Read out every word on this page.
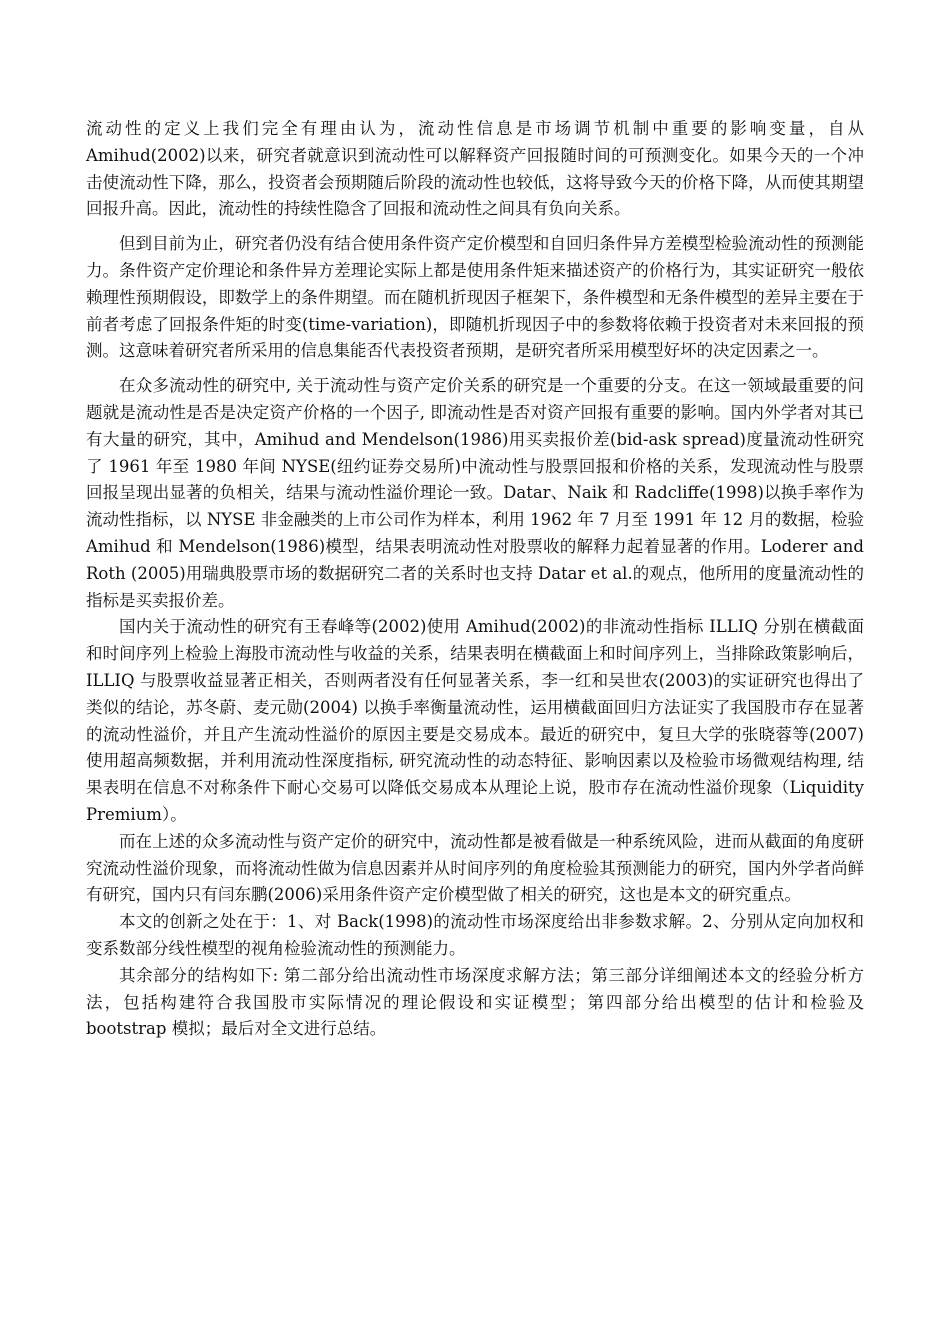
流动性的定义上我们完全有理由认为，流动性信息是市场调节机制中重要的影响变量，自从Amihud(2002)以来，研究者就意识到流动性可以解释资产回报随时间的可预测变化。如果今天的一个冲击使流动性下降，那么，投资者会预期随后阶段的流动性也较低，这将导致今天的价格下降，从而使其期望回报升高。因此，流动性的持续性隐含了回报和流动性之间具有负向关系。

但到目前为止，研究者仍没有结合使用条件资产定价模型和自回归条件异方差模型检验流动性的预测能力。条件资产定价理论和条件异方差理论实际上都是使用条件矩来描述资产的价格行为，其实证研究一般依赖理性预期假设，即数学上的条件期望。而在随机折现因子框架下，条件模型和无条件模型的差异主要在于前者考虑了回报条件矩的时变(time-variation)，即随机折现因子中的参数将依赖于投资者对未来回报的预测。这意味着研究者所采用的信息集能否代表投资者预期，是研究者所采用模型好坏的决定因素之一。

在众多流动性的研究中, 关于流动性与资产定价关系的研究是一个重要的分支。在这一领域最重要的问题就是流动性是否是决定资产价格的一个因子, 即流动性是否对资产回报有重要的影响。国内外学者对其已有大量的研究，其中，Amihud and Mendelson(1986)用买卖报价差(bid-ask spread)度量流动性研究了 1961 年至 1980 年间 NYSE(纽约证券交易所)中流动性与股票回报和价格的关系，发现流动性与股票回报呈现出显著的负相关，结果与流动性溢价理论一致。Datar、Naik 和 Radcliffe(1998)以换手率作为流动性指标，以 NYSE 非金融类的上市公司作为样本，利用 1962 年 7 月至 1991 年 12 月的数据，检验 Amihud 和 Mendelson(1986)模型，结果表明流动性对股票收的解释力起着显著的作用。Loderer and Roth (2005)用瑞典股票市场的数据研究二者的关系时也支持 Datar et al.的观点，他所用的度量流动性的指标是买卖报价差。

国内关于流动性的研究有王春峰等(2002)使用 Amihud(2002)的非流动性指标 ILLIQ 分别在横截面和时间序列上检验上海股市流动性与收益的关系，结果表明在横截面上和时间序列上，当排除政策影响后，ILLIQ 与股票收益显著正相关，否则两者没有任何显著关系，李一红和吴世农(2003)的实证研究也得出了类似的结论，苏冬蔚、麦元勋(2004) 以换手率衡量流动性，运用横截面回归方法证实了我国股市存在显著的流动性溢价，并且产生流动性溢价的原因主要是交易成本。最近的研究中，复旦大学的张晓蓉等(2007)使用超高频数据，并利用流动性深度指标, 研究流动性的动态特征、影响因素以及检验市场微观结构理, 结果表明在信息不对称条件下耐心交易可以降低交易成本从理论上说，股市存在流动性溢价现象（Liquidity Premium）。

而在上述的众多流动性与资产定价的研究中，流动性都是被看做是一种系统风险，进而从截面的角度研究流动性溢价现象，而将流动性做为信息因素并从时间序列的角度检验其预测能力的研究，国内外学者尚鲜有研究，国内只有闫东鹏(2006)采用条件资产定价模型做了相关的研究，这也是本文的研究重点。

本文的创新之处在于：1、对 Back(1998)的流动性市场深度给出非参数求解。2、分别从定向加权和变系数部分线性模型的视角检验流动性的预测能力。

其余部分的结构如下: 第二部分给出流动性市场深度求解方法；第三部分详细阐述本文的经验分析方法，包括构建符合我国股市实际情况的理论假设和实证模型；第四部分给出模型的估计和检验及 bootstrap 模拟；最后对全文进行总结。
